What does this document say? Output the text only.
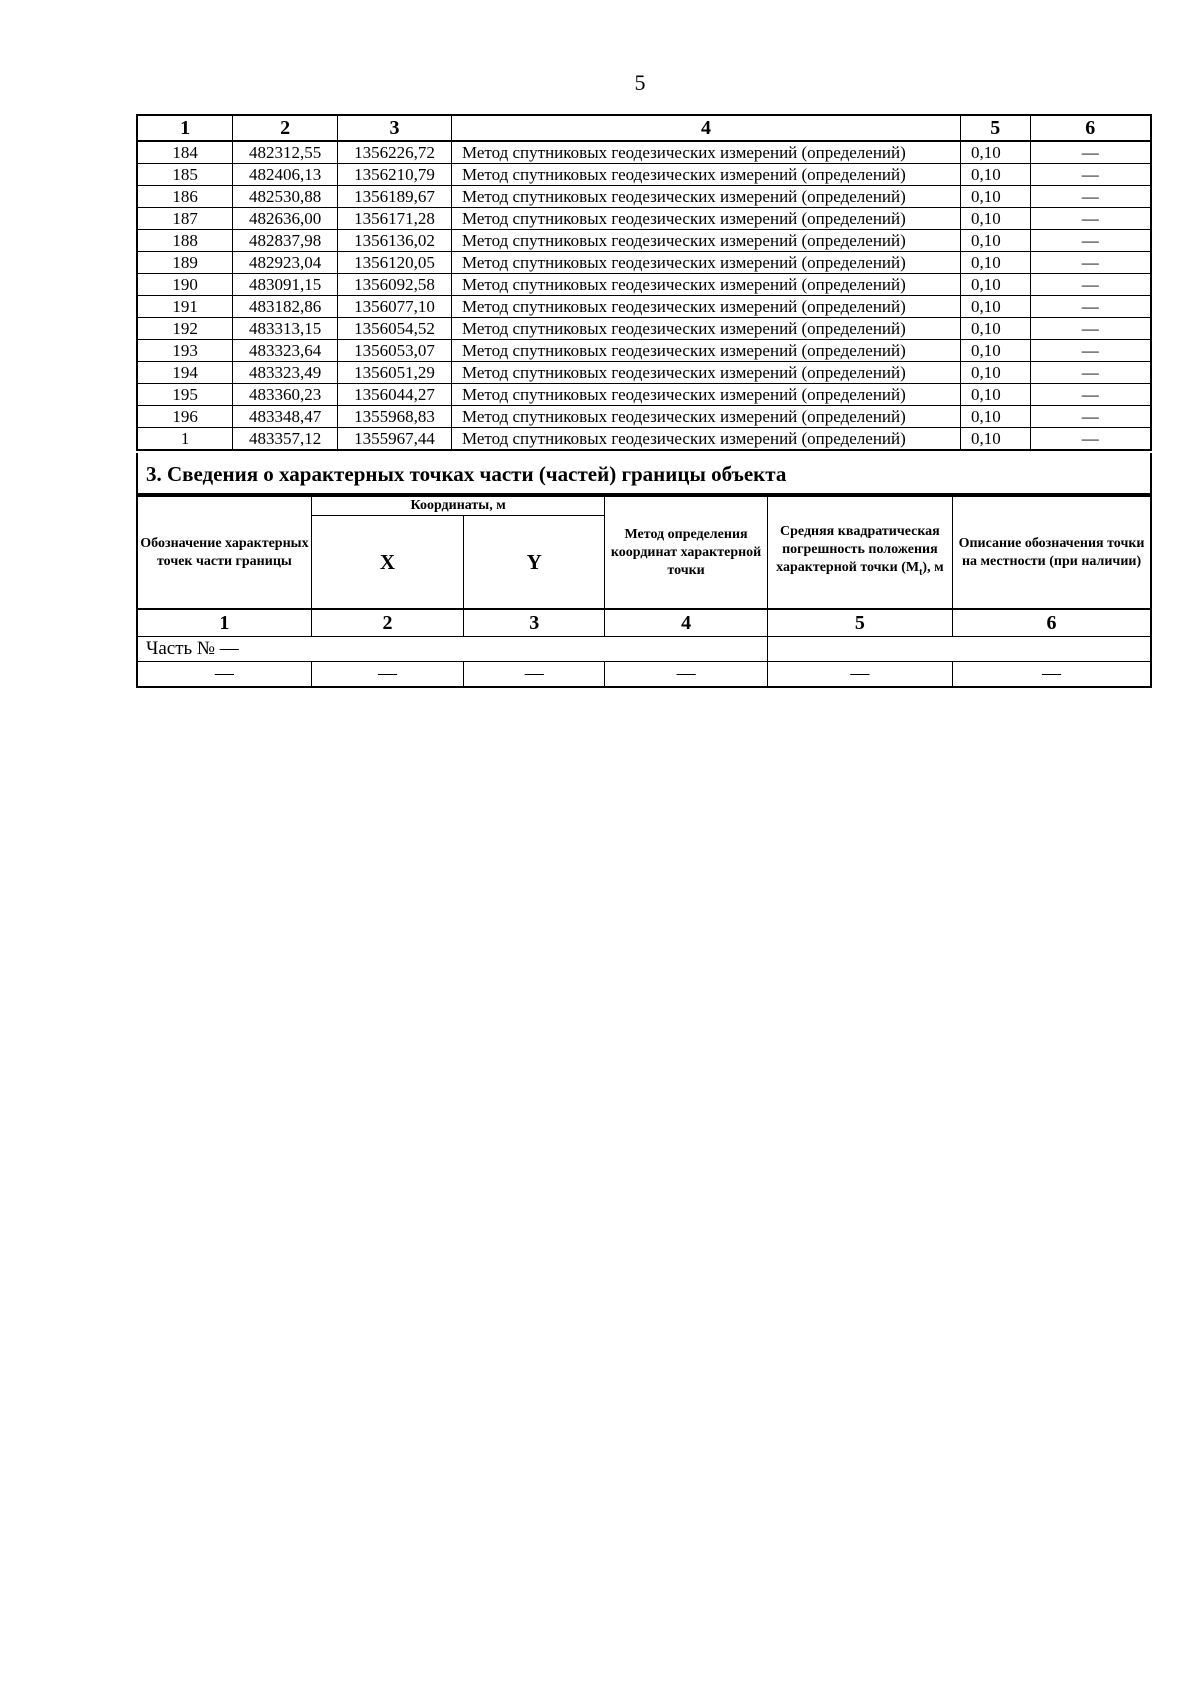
5
1	2	3	4	5	6
184	482312,55	1356226,72	Метод спутниковых геодезических измерений (определений)	0,10	—
185	482406,13	1356210,79	Метод спутниковых геодезических измерений (определений)	0,10	—
186	482530,88	1356189,67	Метод спутниковых геодезических измерений (определений)	0,10	—
187	482636,00	1356171,28	Метод спутниковых геодезических измерений (определений)	0,10	—
188	482837,98	1356136,02	Метод спутниковых геодезических измерений (определений)	0,10	—
189	482923,04	1356120,05	Метод спутниковых геодезических измерений (определений)	0,10	—
190	483091,15	1356092,58	Метод спутниковых геодезических измерений (определений)	0,10	—
191	483182,86	1356077,10	Метод спутниковых геодезических измерений (определений)	0,10	—
192	483313,15	1356054,52	Метод спутниковых геодезических измерений (определений)	0,10	—
193	483323,64	1356053,07	Метод спутниковых геодезических измерений (определений)	0,10	—
194	483323,49	1356051,29	Метод спутниковых геодезических измерений (определений)	0,10	—
195	483360,23	1356044,27	Метод спутниковых геодезических измерений (определений)	0,10	—
196	483348,47	1355968,83	Метод спутниковых геодезических измерений (определений)	0,10	—
1	483357,12	1355967,44	Метод спутниковых геодезических измерений (определений)	0,10	—
3. Сведения о характерных точках части (частей) границы объекта
Обозначение характерных точек части границы	Координаты, м		Метод определения координат характерной точки	Средняя квадратическая погрешность положения характерной точки $(M_t)$, м	Описание обозначения точки на местности (при наличии)
	X	Y			
1	2	3	4	5	6
Часть № —					
—	—	—	—	—	—
